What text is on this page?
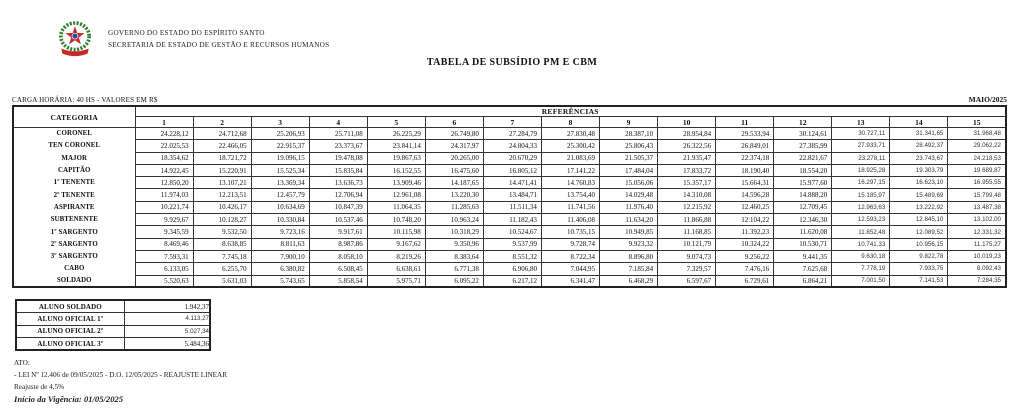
GOVERNO DO ESTADO DO ESPÍRITO SANTO
SECRETARIA DE ESTADO DE GESTÃO E RECURSOS HUMANOS
TABELA DE SUBSÍDIO PM E CBM
CARGA HORÁRIA: 40 HS - VALORES EM R$	MAIO/2025
CATEGORIA	REFERÊNCIAS														
	1	2	3	4	5	6	7	8	9	10	11	12	13	14	15
CORONEL	24.228,12	24.712,68	25.206,93	25.711,08	26.225,29	26.749,80	27.284,79	27.830,48	28.387,10	28.954,84	29.533,94	30.124,61	30.727,11	31.341,65	31.968,48
TEN CORONEL	22.025,53	22.466,05	22.915,37	23.373,67	23.841,14	24.317,97	24.804,33	25.300,42	25.806,43	26.322,56	26.849,01	27.385,99	27.933,71	28.492,37	29.062,22
MAJOR	18.354,62	18.721,72	19.096,15	19.478,08	19.867,63	20.265,00	20.670,29	21.083,69	21.505,37	21.935,47	22.374,18	22.821,67	23.278,11	23.743,67	24.218,53
CAPITÃO	14.922,45	15.220,91	15.525,34	15.835,84	16.152,55	16.475,60	16.805,12	17.141,22	17.484,04	17.833,72	18.190,40	18.554,20	18.925,28	19.303,79	19.689,87
1º TENENTE	12.850,20	13.107,21	13.369,34	13.636,73	13.909,46	14.187,65	14.471,41	14.760,83	15.056,06	15.357,17	15.664,31	15.977,60	16.297,15	16.623,10	16.955,55
2º TENENTE	11.974,03	12.213,51	12.457,79	12.706,94	12.961,08	13.220,30	13.484,71	13.754,40	14.029,48	14.310,08	14.596,28	14.888,20	15.185,97	15.489,69	15.799,48
ASPIRANTE	10.221,74	10.426,17	10.634,69	10.847,39	11.064,35	11.285,63	11.511,34	11.741,56	11.976,40	12.215,92	12.460,25	12.709,45	12.963,63	13.222,92	13.487,38
SUBTENENTE	9.929,67	10.128,27	10.330,84	10.537,46	10.748,20	10.963,24	11.182,43	11.406,08	11.634,20	11.866,88	12.104,22	12.346,30	12.593,23	12.845,10	13.102,00
1º SARGENTO	9.345,59	9.532,50	9.723,16	9.917,61	10.115,98	10.318,29	10.524,67	10.735,15	10.949,85	11.168,85	11.392,23	11.620,08	11.852,48	12.089,52	12.331,32
2º SARGENTO	8.469,46	8.638,85	8.811,63	8.987,86	9.167,62	9.350,96	9.537,99	9.728,74	9.923,32	10.121,79	10.324,22	10.530,71	10.741,33	10.956,15	11.175,27
3º SARGENTO	7.593,31	7.745,18	7.900,10	8.058,10	8.219,26	8.383,64	8.551,32	8.722,34	8.896,80	9.074,73	9.256,22	9.441,35	9.630,18	9.822,78	10.019,23
CABO	6.133,05	6.255,70	6.380,82	6.508,45	6.638,61	6.771,38	6.906,80	7.044,95	7.185,84	7.329,57	7.476,16	7.625,68	7.778,19	7.933,75	8.092,43
SOLDADO	5.520,63	5.631,03	5.743,65	5.858,54	5.975,71	6.095,22	6.217,12	6.341,47	6.468,29	6.597,67	6.729,61	6.864,21	7.001,50	7.141,53	7.284,35
ALUNO SOLDADO	1.942,37
ALUNO OFICIAL 1º	4.113,27
ALUNO OFICIAL 2º	5.027,34
ALUNO OFICIAL 3º	5.484,36
ATO:
- LEI Nº 12.406 de 09/05/2025 - D.O. 12/05/2025 - REAJUSTE LINEAR
Reajuste de 4,5%
Início da Vigência: 01/05/2025
